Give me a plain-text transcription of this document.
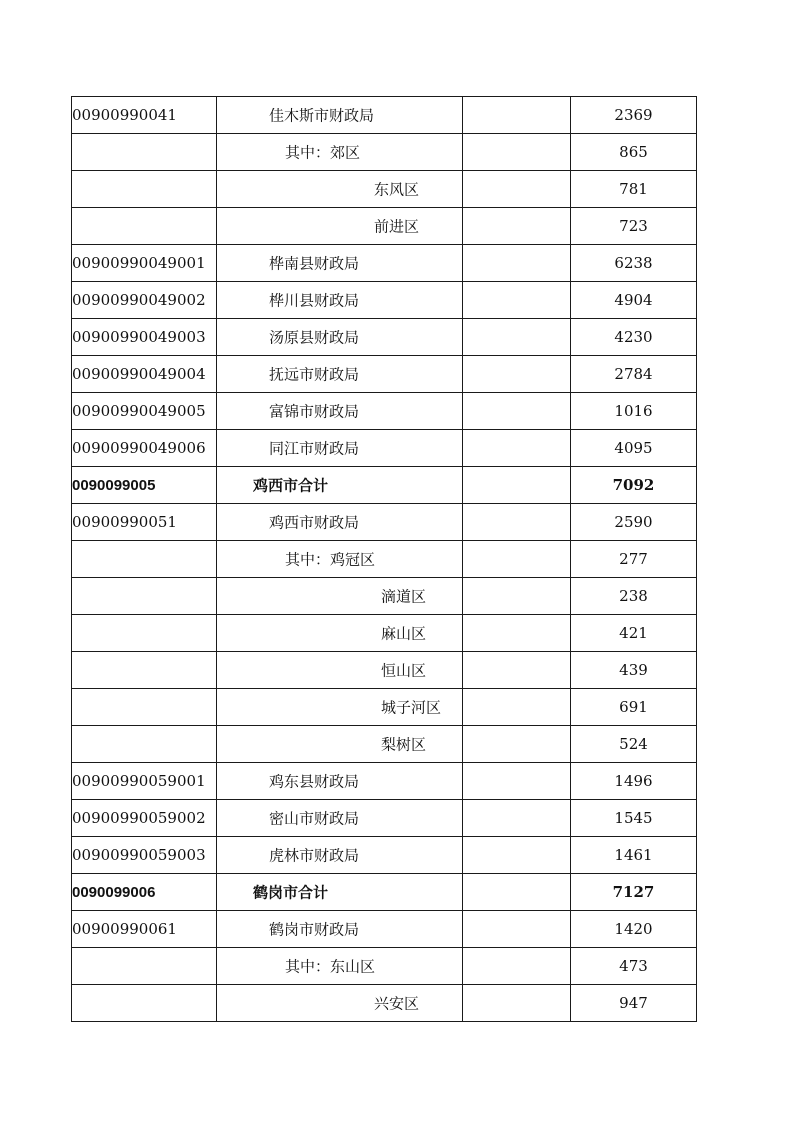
00900990041	佳木斯市财政局		2369

	其中：郊区		865

	东风区		781

	前进区		723
00900990049001	桦南县财政局		6238
00900990049002	桦川县财政局		4904
00900990049003	汤原县财政局		4230
00900990049004	抚远市财政局		2784
00900990049005	富锦市财政局		1016
00900990049006	同江市财政局		4095
0090099005	鸡西市合计		7092
00900990051	鸡西市财政局		2590

	其中：鸡冠区		277

	滴道区		238

	麻山区		421

	恒山区		439

	城子河区		691

	梨树区		524
00900990059001	鸡东县财政局		1496
00900990059002	密山市财政局		1545
00900990059003	虎林市财政局		1461
0090099006	鹤岗市合计		7127
00900990061	鹤岗市财政局		1420

	其中：东山区		473

	兴安区		947
